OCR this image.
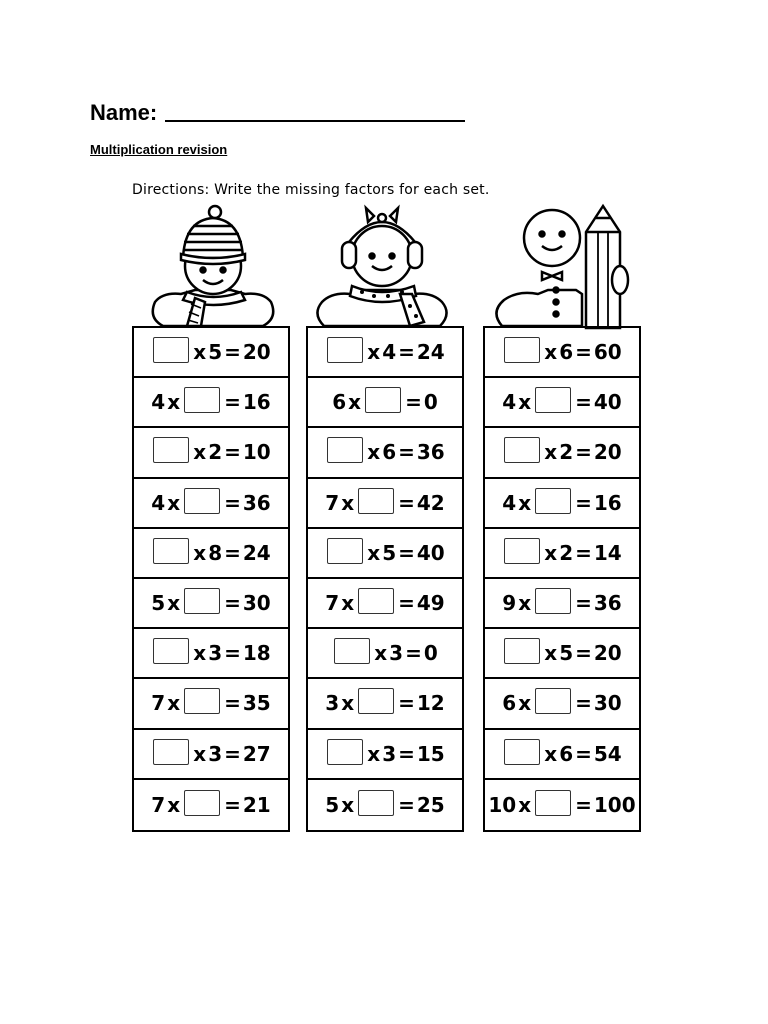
Name:
Multiplication revision
Directions: Write the missing factors for each set.
x 5 = 20
4 x = 16
x 2 = 10
4 x = 36
x 8 = 24
5 x = 30
x 3 = 18
7 x = 35
x 3 = 27
7 x = 21
x 4 = 24
6 x = 0
x 6 = 36
7 x = 42
x 5 = 40
7 x = 49
x 3 = 0
3 x = 12
x 3 = 15
5 x = 25
x 6 = 60
4 x = 40
x 2 = 20
4 x = 16
x 2 = 14
9 x = 36
x 5 = 20
6 x = 30
x 6 = 54
10 x = 100
